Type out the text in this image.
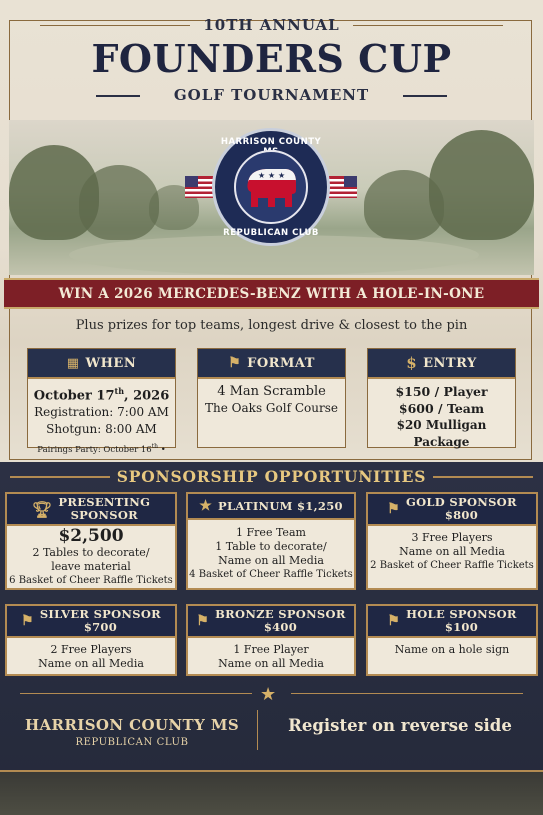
10TH ANNUAL
FOUNDERS CUP
GOLF TOURNAMENT
HARRISON COUNTY
★ ★ ★
REPUBLICAN CLUB
WIN A 2026 MERCEDES-BENZ WITH A HOLE-IN-ONE
Plus prizes for top teams, longest drive & closest to the pin
▦ WHEN
October 17th, 2026
Registration: 7:00 AM
Shotgun: 8:00 AM
Pairings Party: October 16th •
⚑ FORMAT
4 Man Scramble
The Oaks Golf Course
$ ENTRY
$150 / Player
$600 / Team
$20 Mulligan Package
SPONSORSHIP OPPORTUNITIES
🏆︎ PRESENTING
SPONSOR
$2,500
2 Tables to decorate/
leave material
6 Basket of Cheer Raffle Tickets
★ PLATINUM $1,250
1 Free Team
1 Table to decorate/
Name on all Media
4 Basket of Cheer Raffle Tickets
⚑ GOLD SPONSOR
$800
3 Free Players
Name on all Media
2 Basket of Cheer Raffle Tickets
⚑ SILVER SPONSOR
$700
2 Free Players
Name on all Media
⚑ BRONZE SPONSOR
$400
1 Free Player
Name on all Media
⚑ HOLE SPONSOR
$100
Name on a hole sign
★
HARRISON COUNTY MS
REPUBLICAN CLUB
Register on reverse side
